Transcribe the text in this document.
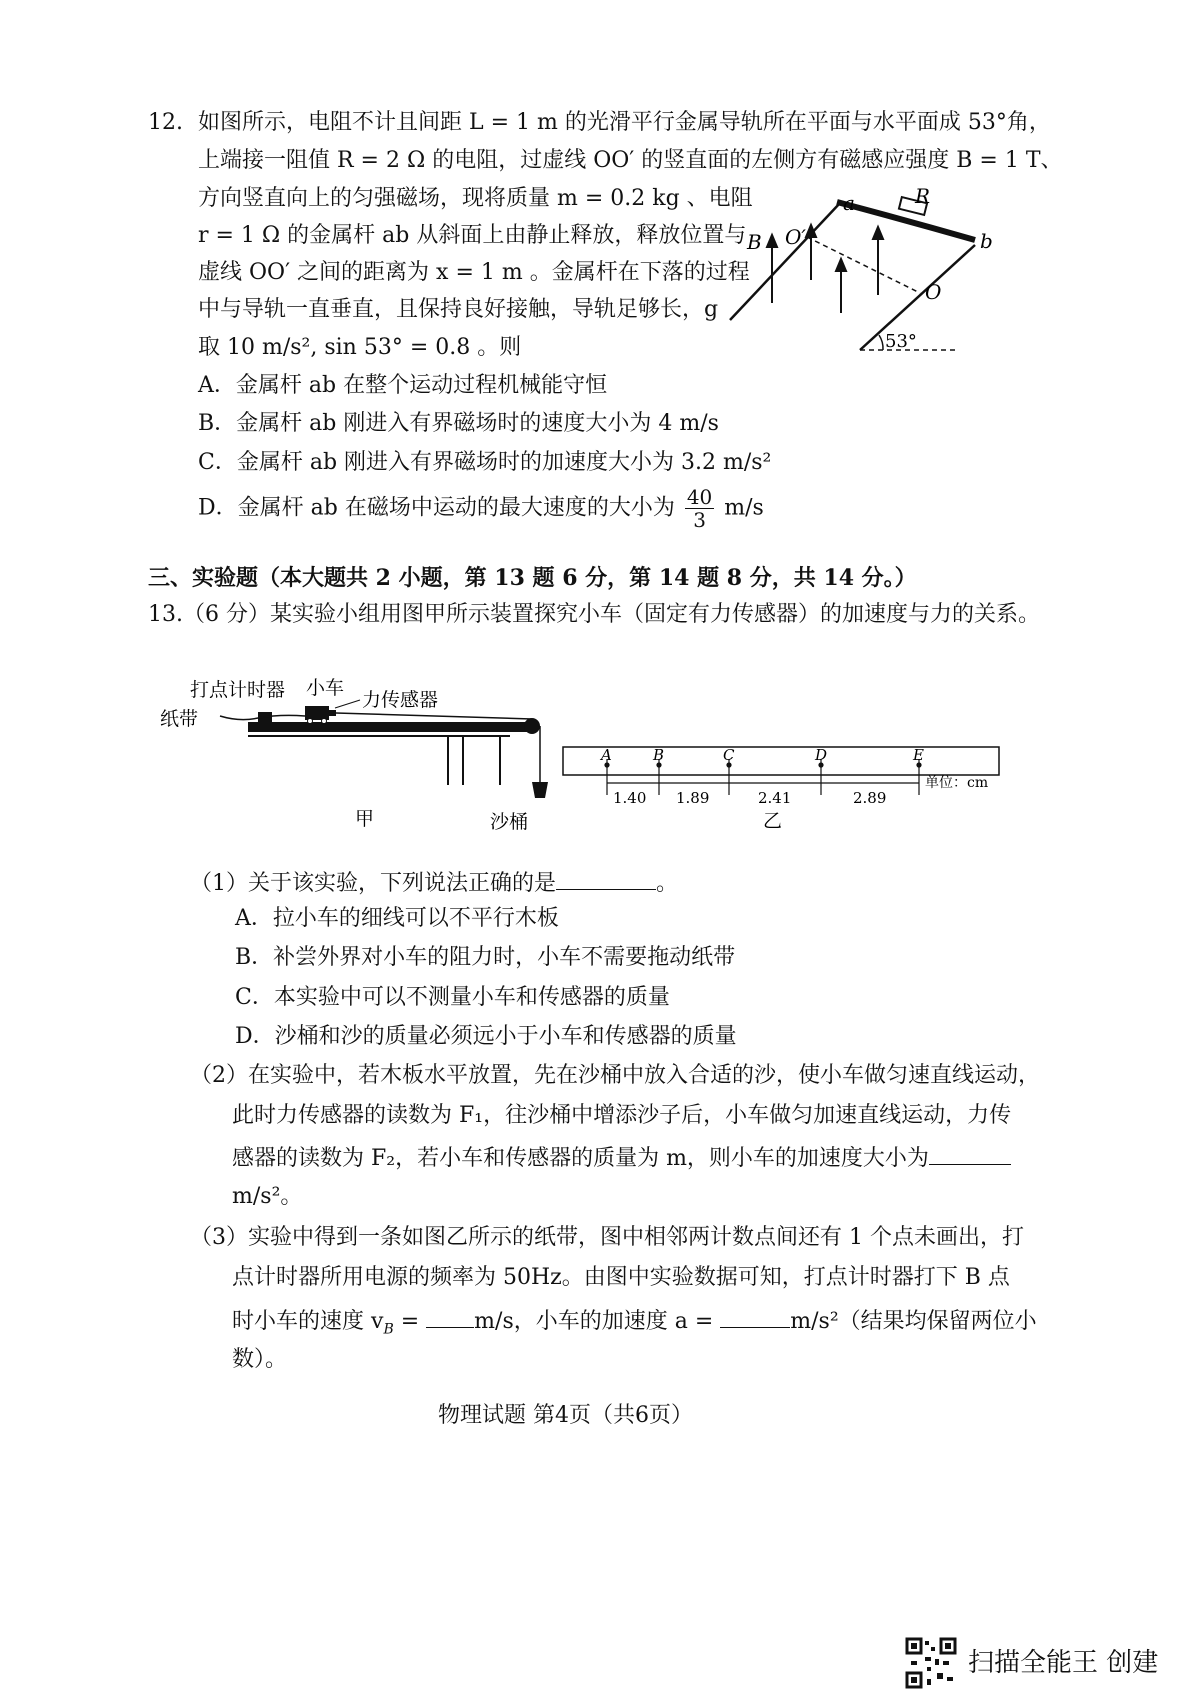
12. 如图所示，电阻不计且间距 L = 1 m 的光滑平行金属导轨所在平面与水平面成 53°角，
上端接一阻值 R = 2 Ω 的电阻，过虚线 OO′ 的竖直面的左侧方有磁感应强度 B = 1 T、
方向竖直向上的匀强磁场，现将质量 m = 0.2 kg 、电阻
r = 1 Ω 的金属杆 ab 从斜面上由静止释放，释放位置与
虚线 OO′ 之间的距离为 x = 1 m 。金属杆在下落的过程
中与导轨一直垂直，且保持良好接触，导轨足够长，g
取 10 m/s², sin 53° = 0.8 。则
A．金属杆 ab 在整个运动过程机械能守恒
B．金属杆 ab 刚进入有界磁场时的速度大小为 4 m/s
C．金属杆 ab 刚进入有界磁场时的加速度大小为 3.2 m/s²
D．金属杆 ab 在磁场中运动的最大速度的大小为 $\frac{40}{3} m/s$
a
b
R
B O′
O
53°
三、实验题（本大题共 2 小题，第 13 题 6 分，第 14 题 8 分，共 14 分。）
13.（6 分）某实验小组用图甲所示装置探究小车（固定有力传感器）的加速度与力的关系。
打点计时器 小车
力传感器
纸带
沙桶
甲
A	B	C	D	E
1.40 1.89	2.41	2.89
单位：cm
乙
（1）关于该实验，下列说法正确的是	。
A．拉小车的细线可以不平行木板
B．补尝外界对小车的阻力时，小车不需要拖动纸带
C．本实验中可以不测量小车和传感器的质量
D．沙桶和沙的质量必须远小于小车和传感器的质量
（2）在实验中，若木板水平放置，先在沙桶中放入合适的沙，使小车做匀速直线运动，
此时力传感器的读数为 F₁，往沙桶中增添沙子后，小车做匀加速直线运动，力传
感器的读数为 F₂，若小车和传感器的质量为 m，则小车的加速度大小为
m/s²。
（3）实验中得到一条如图乙所示的纸带，图中相邻两计数点间还有 1 个点未画出，打
点计时器所用电源的频率为 50Hz。由图中实验数据可知，打点计时器打下 B 点
时小车的速度 $v_B$ =	m/s，小车的加速度 a =	m/s²（结果均保留两位小
数）。
物理试题 第4页（共6页）
扫描全能王 创建
